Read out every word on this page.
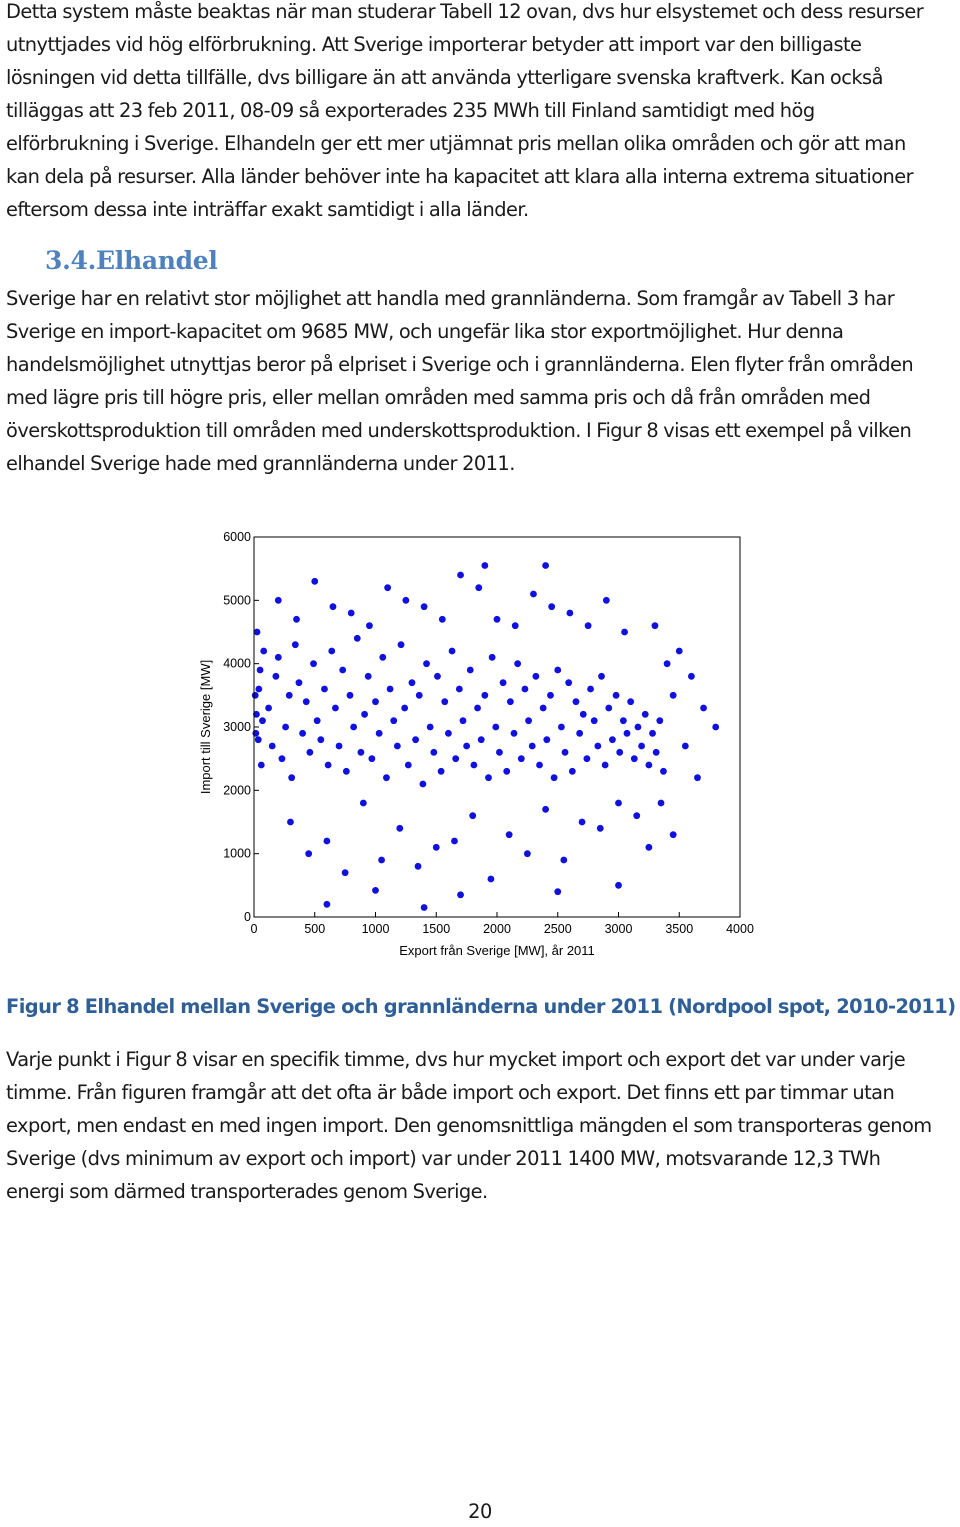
Detta system måste beaktas när man studerar Tabell 12 ovan, dvs hur elsystemet och dess resurser
utnyttjades vid hög elförbrukning. Att Sverige importerar betyder att import var den billigaste
lösningen vid detta tillfälle, dvs billigare än att använda ytterligare svenska kraftverk. Kan också
tilläggas att 23 feb 2011, 08-09 så exporterades 235 MWh till Finland samtidigt med hög
elförbrukning i Sverige. Elhandeln ger ett mer utjämnat pris mellan olika områden och gör att man
kan dela på resurser. Alla länder behöver inte ha kapacitet att klara alla interna extrema situationer
eftersom dessa inte inträffar exakt samtidigt i alla länder.
3.4.Elhandel
Sverige har en relativt stor möjlighet att handla med grannländerna. Som framgår av Tabell 3 har
Sverige en import-kapacitet om 9685 MW, och ungefär lika stor exportmöjlighet. Hur denna
handelsmöjlighet utnyttjas beror på elpriset i Sverige och i grannländerna. Elen flyter från områden
med lägre pris till högre pris, eller mellan områden med samma pris och då från områden med
överskottsproduktion till områden med underskottsproduktion. I Figur 8 visas ett exempel på vilken
elhandel Sverige hade med grannländerna under 2011.
0	500	1000	1500	2000	2500	3000	3500	4000
0
1000
2000
3000
4000
5000
6000
Export från Sverige [MW], år 2011
Import till Sverige [MW]

Figur 8 Elhandel mellan Sverige och grannländerna under 2011 (Nordpool spot, 2010-2011)

Varje punkt i Figur 8 visar en specifik timme, dvs hur mycket import och export det var under varje
timme. Från figuren framgår att det ofta är både import och export. Det finns ett par timmar utan
export, men endast en med ingen import. Den genomsnittliga mängden el som transporteras genom
Sverige (dvs minimum av export och import) var under 2011 1400 MW, motsvarande 12,3 TWh
energi som därmed transporterades genom Sverige.
20
